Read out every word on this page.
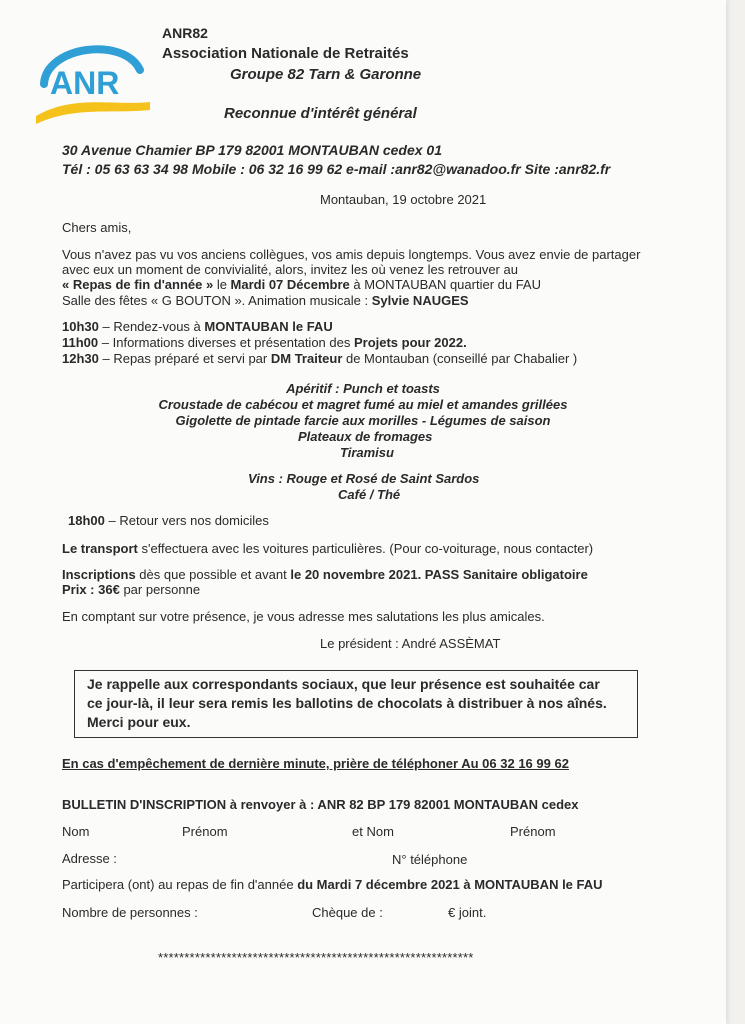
ANR
ANR82
Association Nationale de Retraités
Groupe 82 Tarn & Garonne
Reconnue d'intérêt général
30 Avenue Chamier BP 179 82001 MONTAUBAN cedex 01
Tél : 05 63 63 34 98 Mobile : 06 32 16 99 62 e-mail :anr82@wanadoo.fr Site :anr82.fr
Montauban, 19 octobre 2021
Chers amis,
Vous n'avez pas vu vos anciens collègues, vos amis depuis longtemps. Vous avez envie de partager
avec eux un moment de convivialité, alors, invitez les où venez les retrouver au
« Repas de fin d'année » le Mardi 07 Décembre à MONTAUBAN quartier du FAU
Salle des fêtes « G BOUTON ». Animation musicale : Sylvie NAUGES
10h30 – Rendez-vous à MONTAUBAN le FAU
11h00 – Informations diverses et présentation des Projets pour 2022.
12h30 – Repas préparé et servi par DM Traiteur de Montauban (conseillé par Chabalier )
Apéritif : Punch et toasts
Croustade de cabécou et magret fumé au miel et amandes grillées
Gigolette de pintade farcie aux morilles - Légumes de saison
Plateaux de fromages
Tiramisu
Vins : Rouge et Rosé de Saint Sardos
Café / Thé
18h00 – Retour vers nos domiciles
Le transport s'effectuera avec les voitures particulières. (Pour co-voiturage, nous contacter)
Inscriptions dès que possible et avant le 20 novembre 2021. PASS Sanitaire obligatoire
Prix : 36€ par personne
En comptant sur votre présence, je vous adresse mes salutations les plus amicales.
Le président : André ASSÈMAT
Je rappelle aux correspondants sociaux, que leur présence est souhaitée car
ce jour-là, il leur sera remis les ballotins de chocolats à distribuer à nos aînés.
Merci pour eux.
En cas d'empêchement de dernière minute, prière de téléphoner Au 06 32 16 99 62
BULLETIN D'INSCRIPTION à renvoyer à : ANR 82 BP 179 82001 MONTAUBAN cedex
Nom	Prénom	et Nom	Prénom
Adresse :	N° téléphone
Participera (ont) au repas de fin d'année du Mardi 7 décembre 2021 à MONTAUBAN le FAU
Nombre de personnes :	Chèque de :	€ joint.
************************************************************
